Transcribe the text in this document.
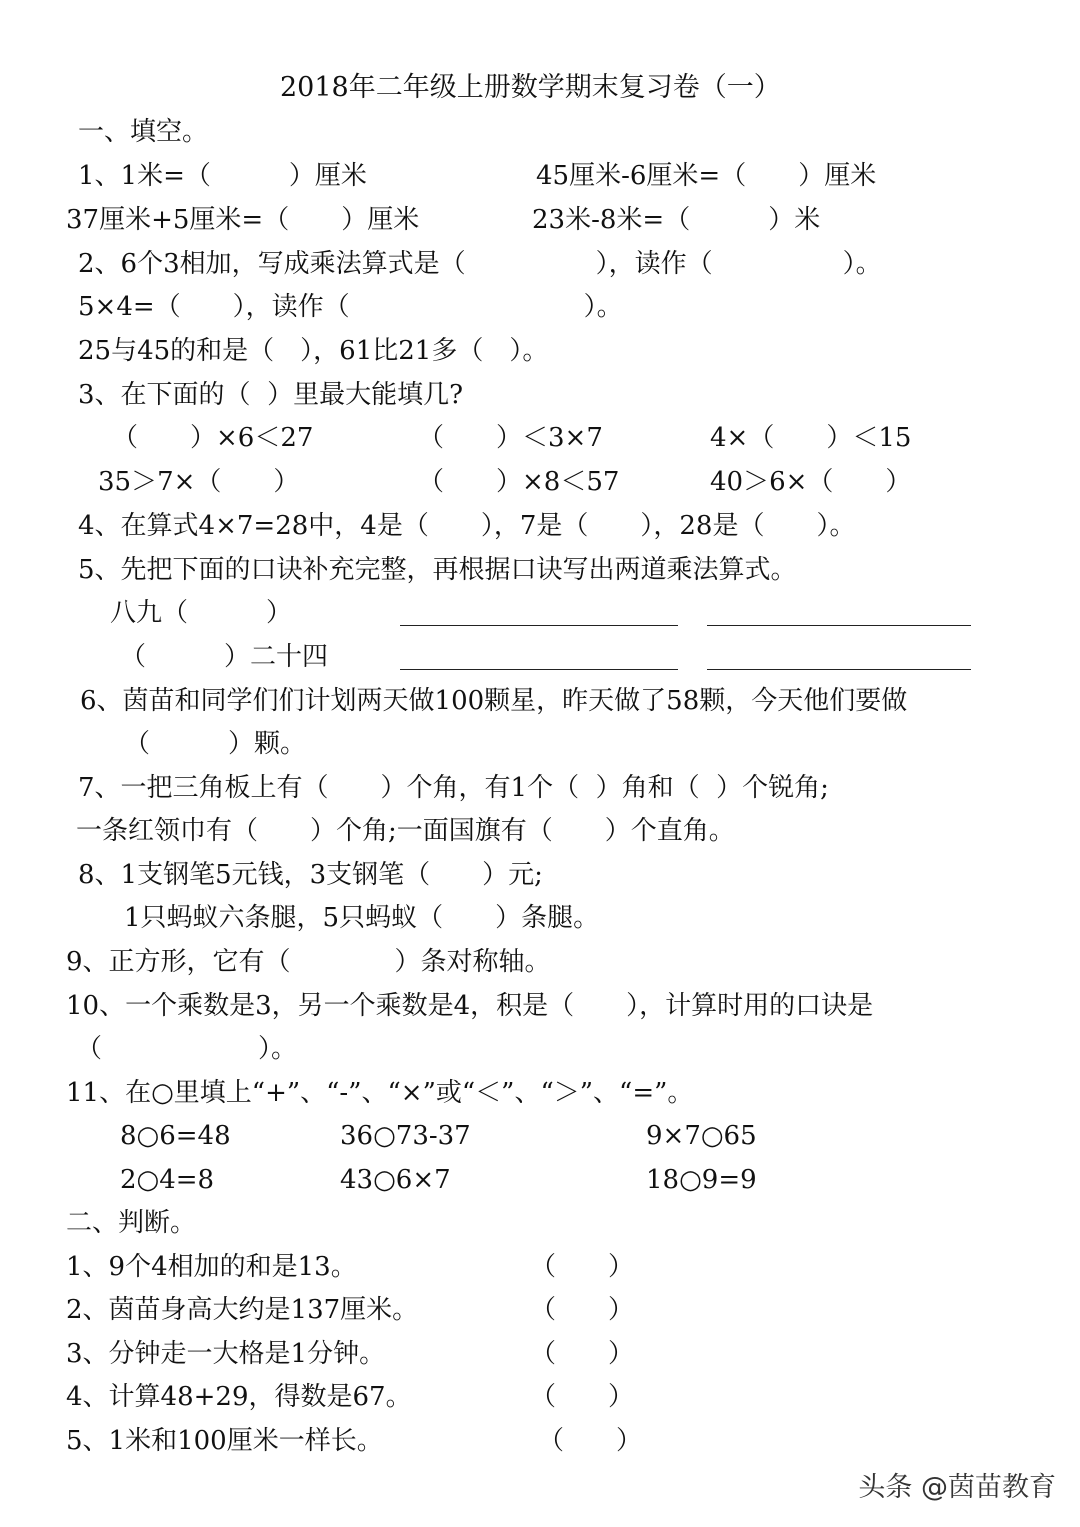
2018年二年级上册数学期末复习卷（一）
一、填空。
1、1米=（　　　）厘米	45厘米-6厘米=（　　）厘米
37厘米+5厘米=（　　）厘米	23米-8米=（　　　）米
2、6个3相加，写成乘法算式是（　　　　　），读作（　　　　　）。
5×4=（　　），读作（　　　　　　　　　）。
25与45的和是（　），61比21多（　）。
3、在下面的（  ）里最大能填几?
（　　）×6＜27	（　　）＜3×7	4×（　　）＜15
35＞7×（　　）	（　　）×8＜57	40＞6×（　　）
4、在算式4×7=28中，4是（　　），7是（　　），28是（　　）。
5、先把下面的口诀补充完整，再根据口诀写出两道乘法算式。
八九（　　　）
（　　　）二十四
6、茵苗和同学们们计划两天做100颗星，昨天做了58颗，今天他们要做
（　　　）颗。
7、一把三角板上有（　　）个角，有1个（  ）角和（  ）个锐角;
一条红领巾有（　　）个角;一面国旗有（　　）个直角。
8、1支钢笔5元钱，3支钢笔（　　）元;
1只蚂蚁六条腿，5只蚂蚁（　　）条腿。
9、正方形，它有（　　　　）条对称轴。
10、一个乘数是3，另一个乘数是4，积是（　　），计算时用的口诀是
（　　　　　　）。
11、在○里填上“+”、“-”、“×”或“＜”、“＞”、“=”。
8○6=48	36○73-37	9×7○65
2○4=8	43○6×7	18○9=9
二、判断。
1、9个4相加的和是13。	（　　）
2、茵苗身高大约是137厘米。	（　　）
3、分钟走一大格是1分钟。	（　　）
4、计算48+29，得数是67。	（　　）
5、1米和100厘米一样长。	（　　）
头条 @茵苗教育
